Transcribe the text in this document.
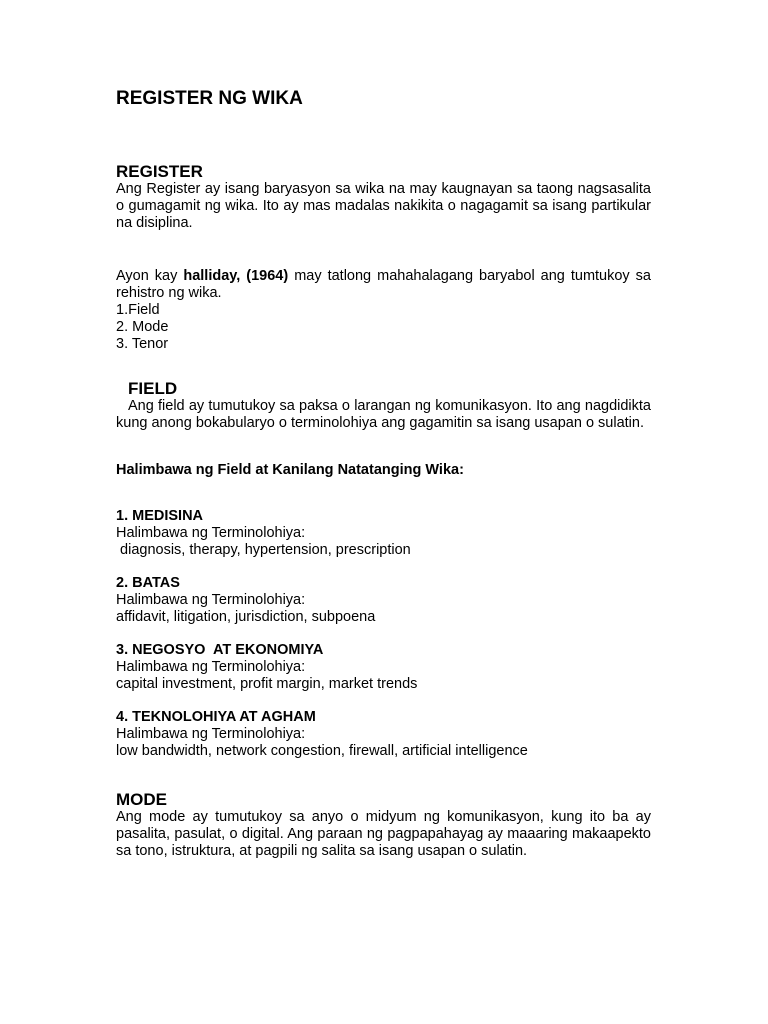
REGISTER NG WIKA
REGISTER

Ang Register ay isang baryasyon sa wika na may kaugnayan sa taong nagsasalita o gumagamit ng wika. Ito ay mas madalas nakikita o nagagamit sa isang partikular na disiplina.

Ayon kay halliday, (1964) may tatlong mahahalagang baryabol ang tumtukoy sa rehistro ng wika.

1.Field
2. Mode
3. Tenor
FIELD

Ang field ay tumutukoy sa paksa o larangan ng komunikasyon. Ito ang nagdidikta kung anong bokabularyo o terminolohiya ang gagamitin sa isang usapan o sulatin.

Halimbawa ng Field at Kanilang Natatanging Wika:
1. MEDISINA
Halimbawa ng Terminolohiya:
diagnosis, therapy, hypertension, prescription
2. BATAS
Halimbawa ng Terminolohiya:
affidavit, litigation, jurisdiction, subpoena
3. NEGOSYO  AT EKONOMIYA
Halimbawa ng Terminolohiya:
capital investment, profit margin, market trends
4. TEKNOLOHIYA AT AGHAM
Halimbawa ng Terminolohiya:
low bandwidth, network congestion, firewall, artificial intelligence
MODE

Ang mode ay tumutukoy sa anyo o midyum ng komunikasyon, kung ito ba ay pasalita, pasulat, o digital. Ang paraan ng pagpapahayag ay maaaring makaapekto sa tono, istruktura, at pagpili ng salita sa isang usapan o sulatin.
